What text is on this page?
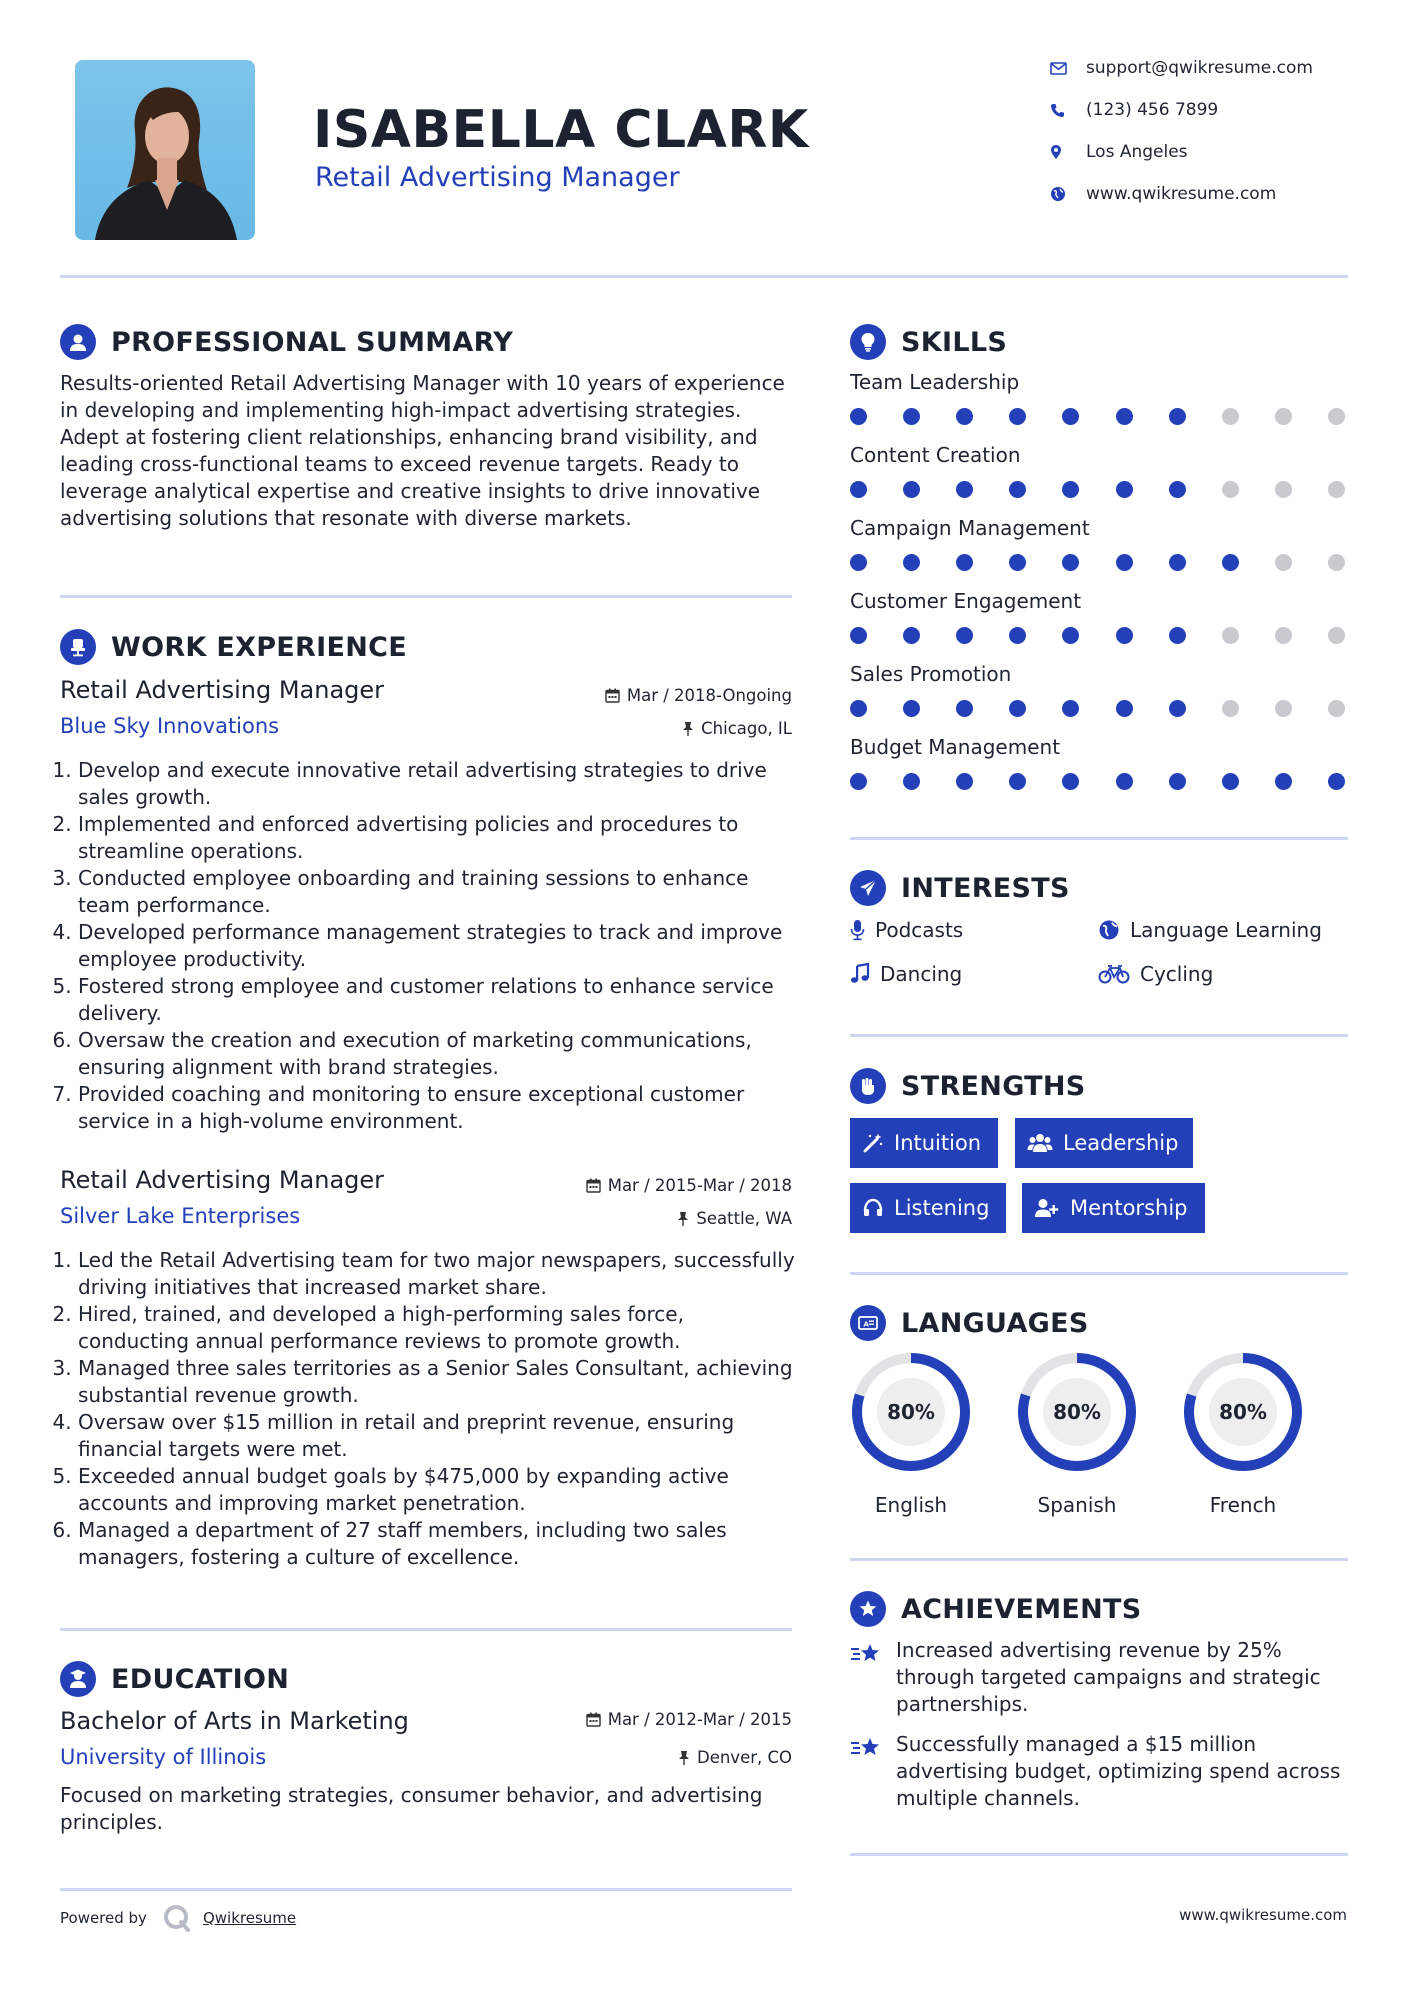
ISABELLA CLARK
Retail Advertising Manager
support@qwikresume.com
(123) 456 7899
Los Angeles
www.qwikresume.com
PROFESSIONAL SUMMARY
Results-oriented Retail Advertising Manager with 10 years of experience in developing and implementing high-impact advertising strategies. Adept at fostering client relationships, enhancing brand visibility, and leading cross-functional teams to exceed revenue targets. Ready to leverage analytical expertise and creative insights to drive innovative advertising solutions that resonate with diverse markets.
WORK EXPERIENCE
Retail Advertising Manager	Mar / 2018-Ongoing
Blue Sky Innovations	Chicago, IL
1. Develop and execute innovative retail advertising strategies to drive sales growth.
2. Implemented and enforced advertising policies and procedures to streamline operations.
3. Conducted employee onboarding and training sessions to enhance team performance.
4. Developed performance management strategies to track and improve employee productivity.
5. Fostered strong employee and customer relations to enhance service delivery.
6. Oversaw the creation and execution of marketing communications, ensuring alignment with brand strategies.
7. Provided coaching and monitoring to ensure exceptional customer service in a high-volume environment.
Retail Advertising Manager	Mar / 2015-Mar / 2018
Silver Lake Enterprises	Seattle, WA
1. Led the Retail Advertising team for two major newspapers, successfully driving initiatives that increased market share.
2. Hired, trained, and developed a high-performing sales force, conducting annual performance reviews to promote growth.
3. Managed three sales territories as a Senior Sales Consultant, achieving substantial revenue growth.
4. Oversaw over $15 million in retail and preprint revenue, ensuring financial targets were met.
5. Exceeded annual budget goals by $475,000 by expanding active accounts and improving market penetration.
6. Managed a department of 27 staff members, including two sales managers, fostering a culture of excellence.
EDUCATION
Bachelor of Arts in Marketing	Mar / 2012-Mar / 2015
University of Illinois	Denver, CO
Focused on marketing strategies, consumer behavior, and advertising principles.
SKILLS
Team Leadership
Content Creation
Campaign Management
Customer Engagement
Sales Promotion
Budget Management
INTERESTS
Podcasts	Language Learning
Dancing	Cycling
STRENGTHS
Intuition	Leadership
Listening	Mentorship
A LANGUAGES
80%
English
80%
Spanish
80%
French
ACHIEVEMENTS
Increased advertising revenue by 25% through targeted campaigns and strategic partnerships.
Successfully managed a $15 million advertising budget, optimizing spend across multiple channels.
Powered by	Qwikresume	www.qwikresume.com
